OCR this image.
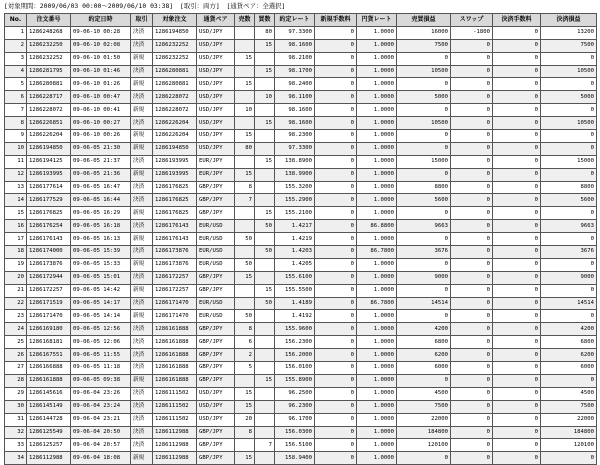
[対象期間：2009/06/03 00:00～2009/06/10 03:38] [取引：両方] [通貨ペア：全選択]
No.	注文番号	約定日時	取引	対象注文	通貨ペア	売数	買数	約定レート	新規手数料	円貨レート	売買損益	スワップ	決済手数料	決済損益
1	1286248268	09-06-10 00:28	決済	1286194850	USD/JPY		80	97.3300	0	1.0000	16000	-1800	0	13200
2	1286232250	09-06-10 02:08	決済	1286232252	USD/JPY		15	98.1600	0	1.0000	7500	0	0	7500
3	1286232252	09-06-10 01:50	新規	1286232252	USD/JPY	15		98.2100	0	1.0000	0	0	0	0
4	1286281795	09-06-10 01:46	決済	1286280881	USD/JPY		15	98.1700	0	1.0000	10500	0	0	10500
5	1286280881	09-06-10 01:26	新規	1286280881	USD/JPY	15		98.2400	0	1.0000	0	0	0	0
6	1286228717	09-06-10 00:47	決済	1286228072	USD/JPY		10	98.1100	0	1.0000	5000	0	0	5000
7	1286228072	09-06-10 00:41	新規	1286228072	USD/JPY	10		98.1600	0	1.0000	0	0	0	0
8	1286226851	09-06-10 00:27	決済	1286226204	USD/JPY		15	98.1600	0	1.0000	10500	0	0	10500
9	1286226204	09-06-10 00:26	新規	1286226204	USD/JPY	15		98.2300	0	1.0000	0	0	0	0
10	1286194850	09-06-05 21:30	新規	1286194850	USD/JPY	80		97.3300	0	1.0000	0	0	0	0
11	1286194125	09-06-05 21:37	決済	1286193995	EUR/JPY		15	138.8900	0	1.0000	15000	0	0	15000
12	1286193995	09-06-05 21:36	新規	1286193995	EUR/JPY	15		138.9900	0	1.0000	0	0	0	0
13	1286177614	09-06-05 16:47	決済	1286176825	GBP/JPY	8		155.3200	0	1.0000	8800	0	0	8800
14	1286177529	09-06-05 16:44	決済	1286176825	GBP/JPY	7		155.2900	0	1.0000	5600	0	0	5600
15	1286176825	09-06-05 16:29	新規	1286176825	GBP/JPY		15	155.2100	0	1.0000	0	0	0	0
16	1286176254	09-06-05 16:18	決済	1286176143	EUR/USD		50	1.4217	0	86.8800	9663	0	0	9663
17	1286176143	09-06-05 16:13	新規	1286176143	EUR/USD	50		1.4219	0	1.0000	0	0	0	0
18	1286174000	09-06-05 15:39	決済	1286173876	EUR/USD		50	1.4203	0	86.7800	3676	0	0	3676
19	1286173876	09-06-05 15:33	新規	1286173876	EUR/USD	50		1.4205	0	1.0000	0	0	0	0
20	1286172944	09-06-05 15:01	決済	1286172257	GBP/JPY	15		155.6100	0	1.0000	9000	0	0	9000
21	1286172257	09-06-05 14:42	新規	1286172257	GBP/JPY		15	155.5500	0	1.0000	0	0	0	0
22	1286171519	09-06-05 14:17	決済	1286171470	EUR/USD		50	1.4189	0	86.7800	14514	0	0	14514
23	1286171470	09-06-05 14:14	新規	1286171470	EUR/USD	50		1.4192	0	1.0000	0	0	0	0
24	1286169180	09-06-05 12:56	決済	1286161888	GBP/JPY	8		155.9600	0	1.0000	4200	0	0	4200
25	1286168181	09-06-05 12:06	決済	1286161888	GBP/JPY	6		156.2300	0	1.0000	6800	0	0	6800
26	1286167551	09-06-05 11:55	決済	1286161888	GBP/JPY	2		156.2000	0	1.0000	6200	0	0	6200
27	1286166888	09-06-05 11:18	決済	1286161888	GBP/JPY	5		156.0100	0	1.0000	6000	0	0	6000
28	1286161888	09-06-05 09:38	新規	1286161888	GBP/JPY		15	155.8900	0	1.0000	0	0	0	0
29	1286145616	09-06-04 23:26	決済	1286111502	USD/JPY	15		96.2500	0	1.0000	4500	0	0	4500
30	1286145149	09-06-04 23:24	決済	1286111502	USD/JPY	15		96.2300	0	1.0000	7500	0	0	7500
31	1286144728	09-06-04 23:21	決済	1286111502	USD/JPY	20		96.1700	0	1.0000	22000	0	0	22000
32	1286125549	09-06-04 20:50	決済	1286112988	GBP/JPY	8		156.0300	0	1.0000	184800	0	0	184800
33	1286125257	09-06-04 20:57	決済	1286112988	GBP/JPY		7	156.5100	0	1.0000	120100	0	0	120100
34	1286112988	09-06-04 18:08	新規	1286112988	GBP/JPY	15		158.9400	0	1.0000	0	0	0	0
